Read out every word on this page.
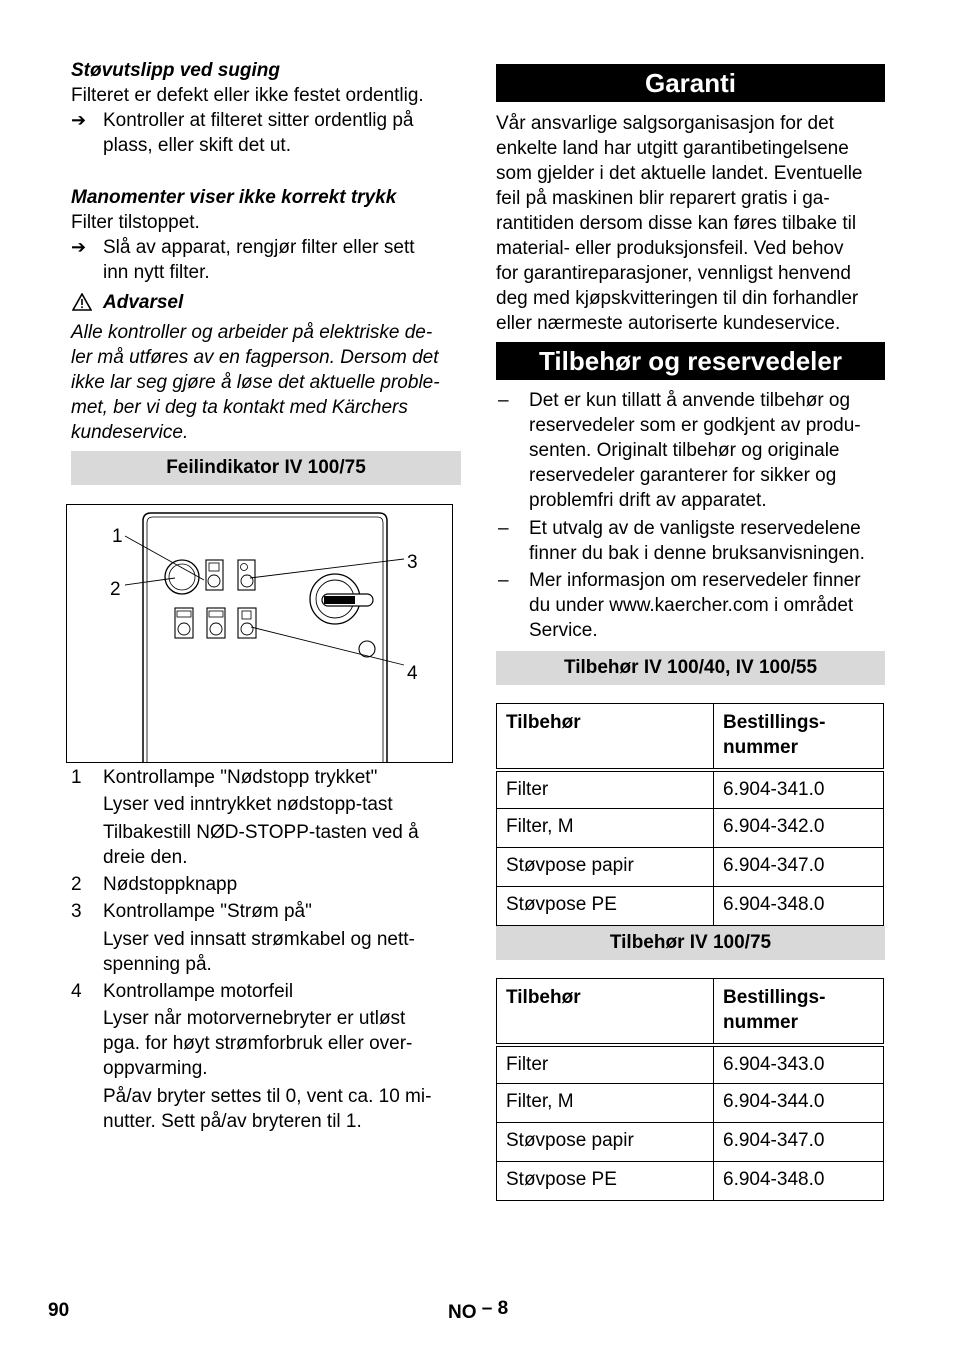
Støvutslipp ved suging
Filteret er defekt eller ikke festet ordentlig.
➔ Kontroller at filteret sitter ordentlig på
plass, eller skift det ut.
Manomenter viser ikke korrekt trykk
Filter tilstoppet.
➔ Slå av apparat, rengjør filter eller sett
inn nytt filter.
Advarsel
Alle kontroller og arbeider på elektriske de-
ler må utføres av en fagperson. Dersom det
ikke lar seg gjøre å løse det aktuelle proble-
met, ber vi deg ta kontakt med Kärchers
kundeservice.
Feilindikator IV 100/75
1
2
3
4
1 Kontrollampe "Nødstopp trykket"
Lyser ved inntrykket nødstopp-tast
Tilbakestill NØD-STOPP-tasten ved å
dreie den.
2 Nødstoppknapp
3 Kontrollampe "Strøm på"
Lyser ved innsatt strømkabel og nett-
spenning på.
4 Kontrollampe motorfeil
Lyser når motorvernebryter er utløst
pga. for høyt strømforbruk eller over-
oppvarming.
På/av bryter settes til 0, vent ca. 10 mi-
nutter. Sett på/av bryteren til 1.
Garanti
Vår ansvarlige salgsorganisasjon for det
enkelte land har utgitt garantibetingelsene
som gjelder i det aktuelle landet. Eventuelle
feil på maskinen blir reparert gratis i ga-
rantitiden dersom disse kan føres tilbake til
material- eller produksjonsfeil. Ved behov
for garantireparasjoner, vennligst henvend
deg med kjøpskvitteringen til din forhandler
eller nærmeste autoriserte kundeservice.
Tilbehør og reservedeler
– Det er kun tillatt å anvende tilbehør og
reservedeler som er godkjent av produ-
senten. Originalt tilbehør og originale
reservedeler garanterer for sikker og
problemfri drift av apparatet.
– Et utvalg av de vanligste reservedelene
finner du bak i denne bruksanvisningen.
– Mer informasjon om reservedeler finner
du under www.kaercher.com i området
Service.
Tilbehør IV 100/40, IV 100/55
Tilbehør	Bestillings-
nummer

Filter	6.904-341.0
Filter, M	6.904-342.0
Støvpose papir	6.904-347.0
Støvpose PE	6.904-348.0
Tilbehør IV 100/75
Tilbehør	Bestillings-
nummer

Filter	6.904-343.0
Filter, M	6.904-344.0
Støvpose papir	6.904-347.0
Støvpose PE	6.904-348.0
90	NO – 8
